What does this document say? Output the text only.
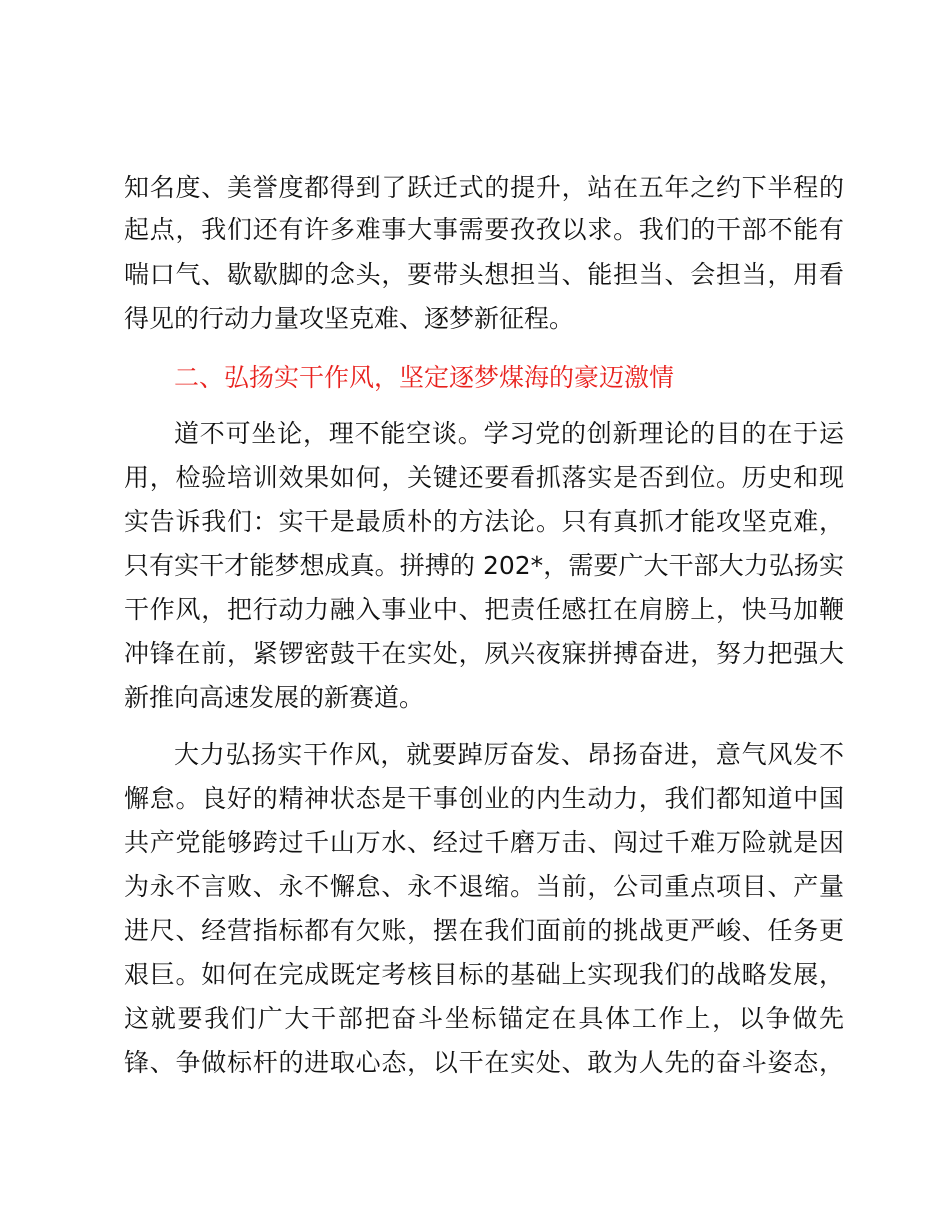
知名度、美誉度都得到了跃迁式的提升，站在五年之约下半程的
起点，我们还有许多难事大事需要孜孜以求。我们的干部不能有
喘口气、歇歇脚的念头，要带头想担当、能担当、会担当，用看
得见的行动力量攻坚克难、逐梦新征程。
二、弘扬实干作风，坚定逐梦煤海的豪迈激情
道不可坐论，理不能空谈。学习党的创新理论的目的在于运
用，检验培训效果如何，关键还要看抓落实是否到位。历史和现
实告诉我们：实干是最质朴的方法论。只有真抓才能攻坚克难，
只有实干才能梦想成真。拼搏的 202*，需要广大干部大力弘扬实
干作风，把行动力融入事业中、把责任感扛在肩膀上，快马加鞭
冲锋在前，紧锣密鼓干在实处，夙兴夜寐拼搏奋进，努力把强大
新推向高速发展的新赛道。
大力弘扬实干作风，就要踔厉奋发、昂扬奋进，意气风发不
懈怠。良好的精神状态是干事创业的内生动力，我们都知道中国
共产党能够跨过千山万水、经过千磨万击、闯过千难万险就是因
为永不言败、永不懈怠、永不退缩。当前，公司重点项目、产量
进尺、经营指标都有欠账，摆在我们面前的挑战更严峻、任务更
艰巨。如何在完成既定考核目标的基础上实现我们的战略发展，
这就要我们广大干部把奋斗坐标锚定在具体工作上，以争做先
锋、争做标杆的进取心态，以干在实处、敢为人先的奋斗姿态，
